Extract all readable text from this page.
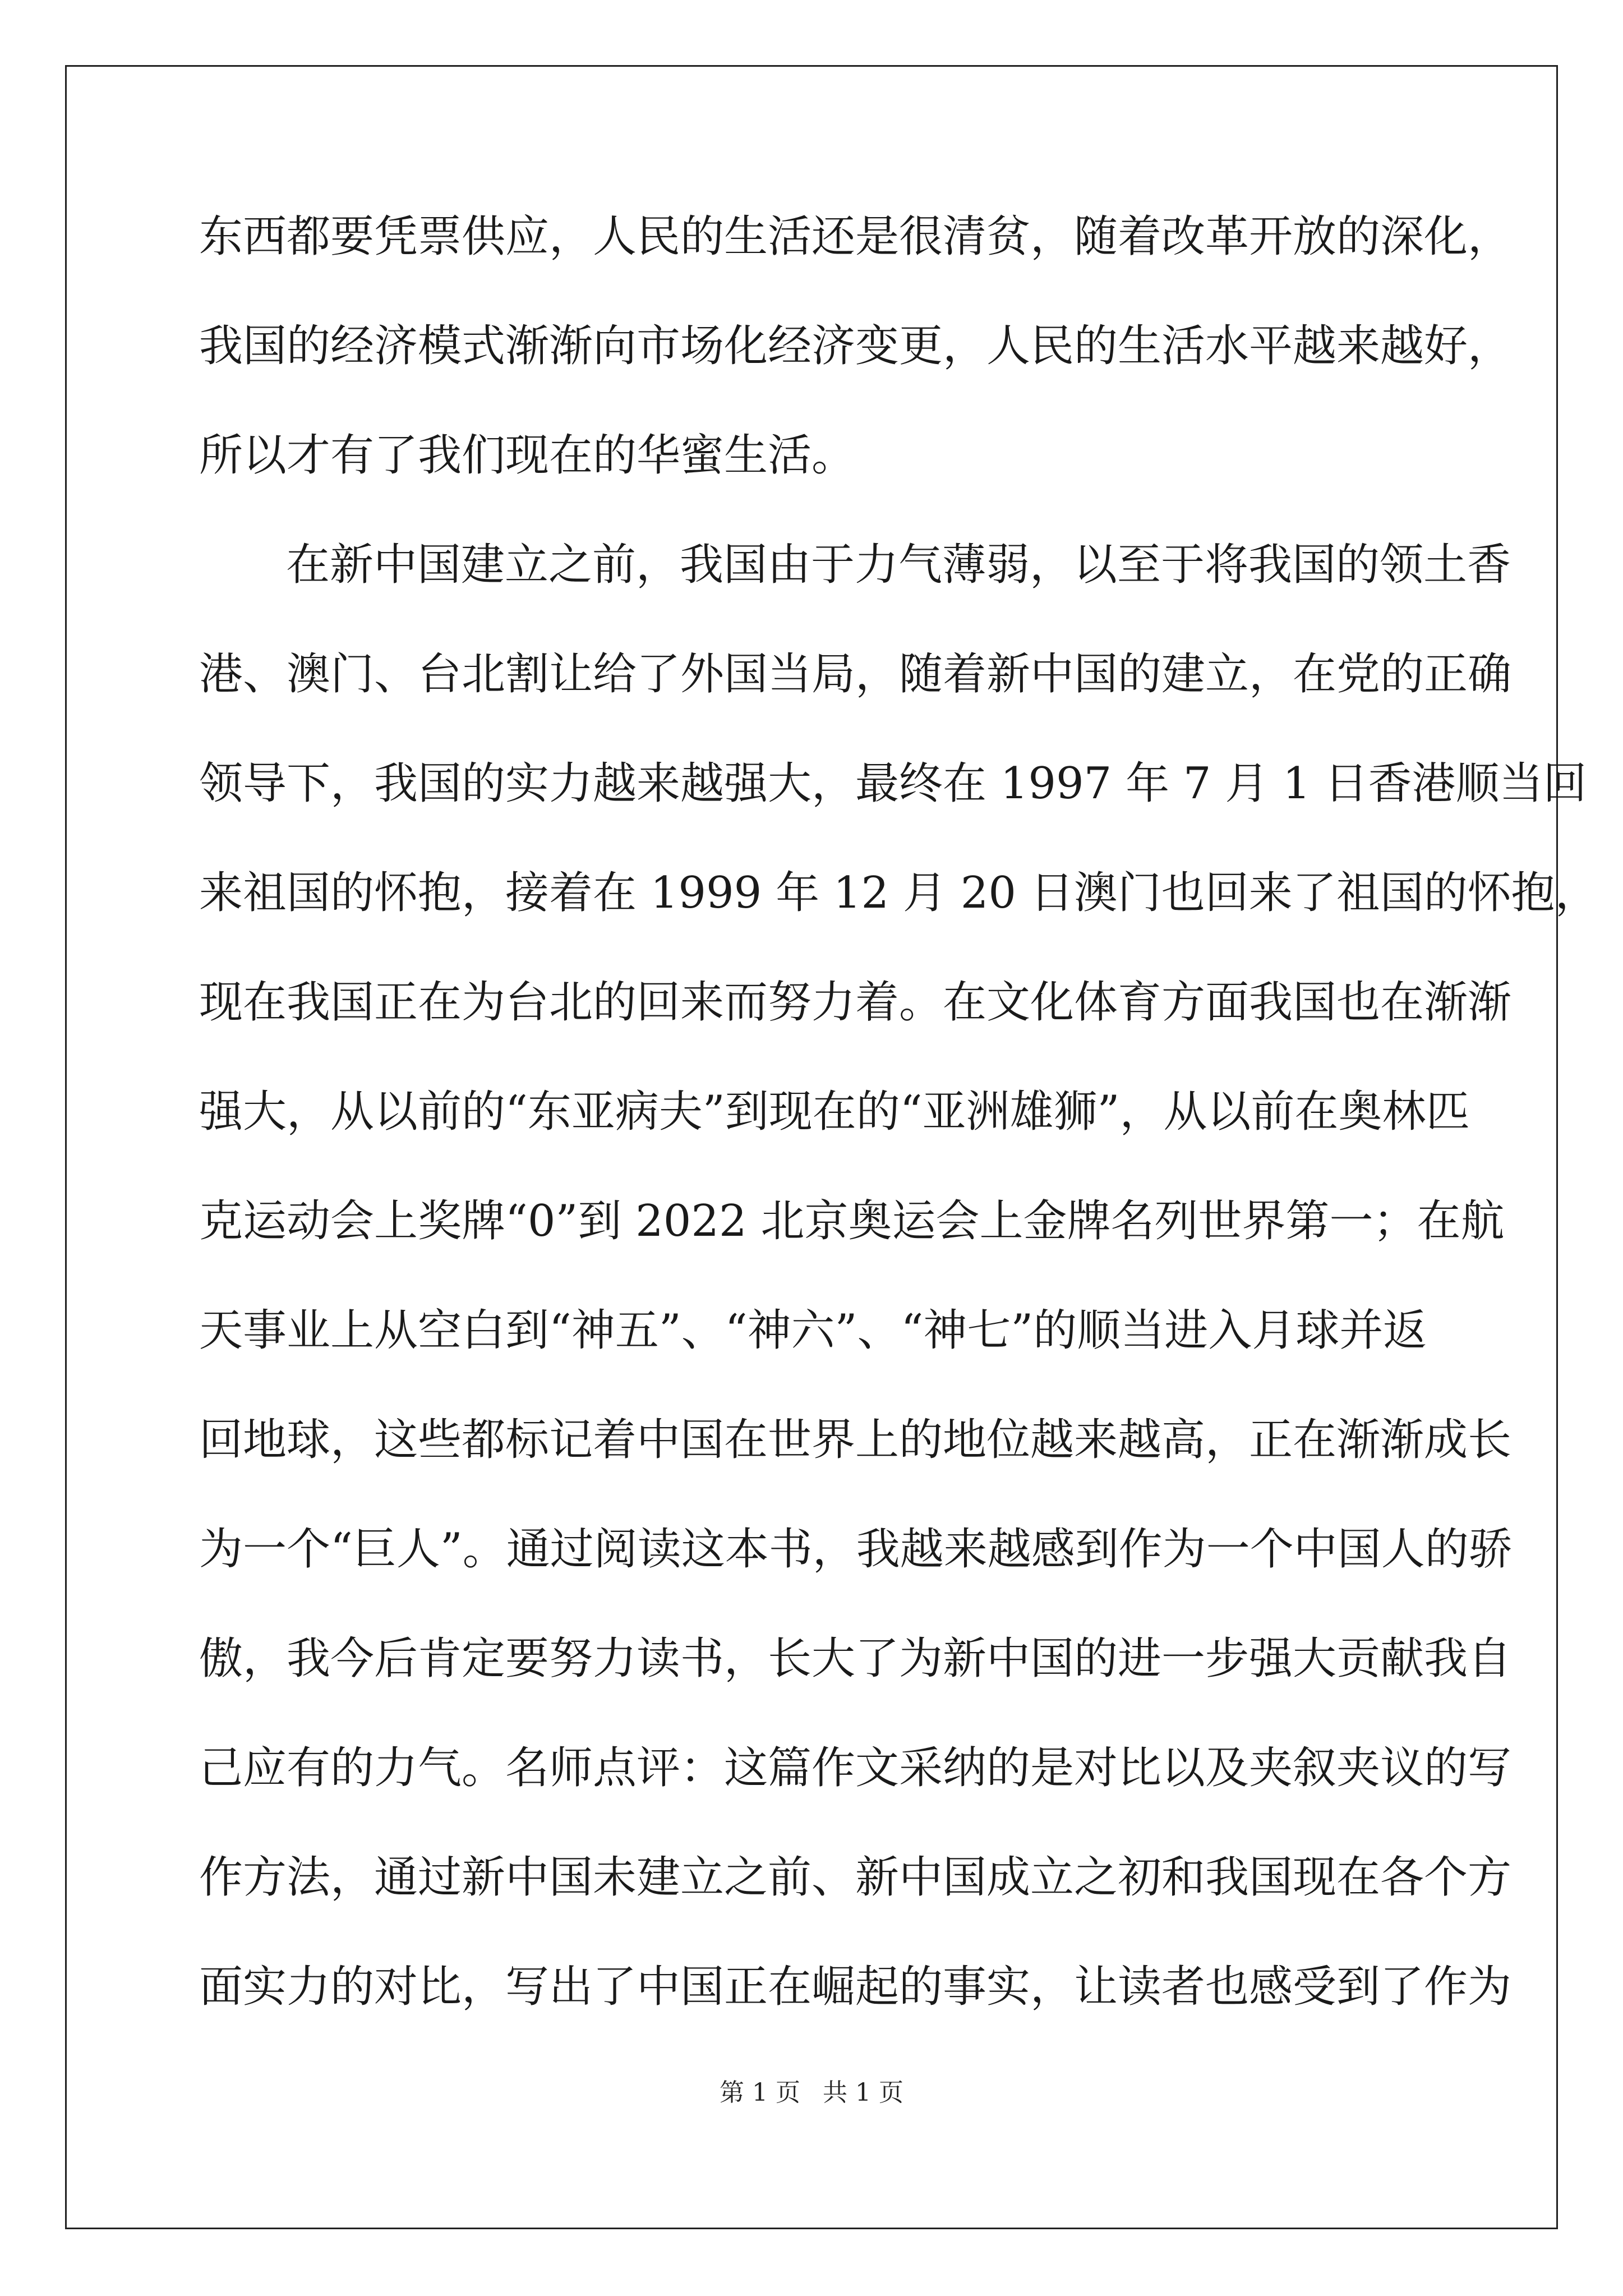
东西都要凭票供应，人民的生活还是很清贫，随着改革开放的深化，
我国的经济模式渐渐向市场化经济变更，人民的生活水平越来越好，
所以才有了我们现在的华蜜生活。
在新中国建立之前，我国由于力气薄弱，以至于将我国的领土香
港、澳门、台北割让给了外国当局，随着新中国的建立，在党的正确
领导下，我国的实力越来越强大，最终在 1997 年 7 月 1 日香港顺当回
来祖国的怀抱，接着在 1999 年 12 月 20 日澳门也回来了祖国的怀抱，
现在我国正在为台北的回来而努力着。在文化体育方面我国也在渐渐
强大，从以前的“东亚病夫”到现在的“亚洲雄狮”，从以前在奥林匹
克运动会上奖牌“0”到 2022 北京奥运会上金牌名列世界第一；在航
天事业上从空白到“神五”、“神六”、“神七”的顺当进入月球并返
回地球，这些都标记着中国在世界上的地位越来越高，正在渐渐成长
为一个“巨人”。通过阅读这本书，我越来越感到作为一个中国人的骄
傲，我今后肯定要努力读书，长大了为新中国的进一步强大贡献我自
己应有的力气。名师点评：这篇作文采纳的是对比以及夹叙夹议的写
作方法，通过新中国未建立之前、新中国成立之初和我国现在各个方
面实力的对比，写出了中国正在崛起的事实，让读者也感受到了作为
第 1 页 共 1 页
